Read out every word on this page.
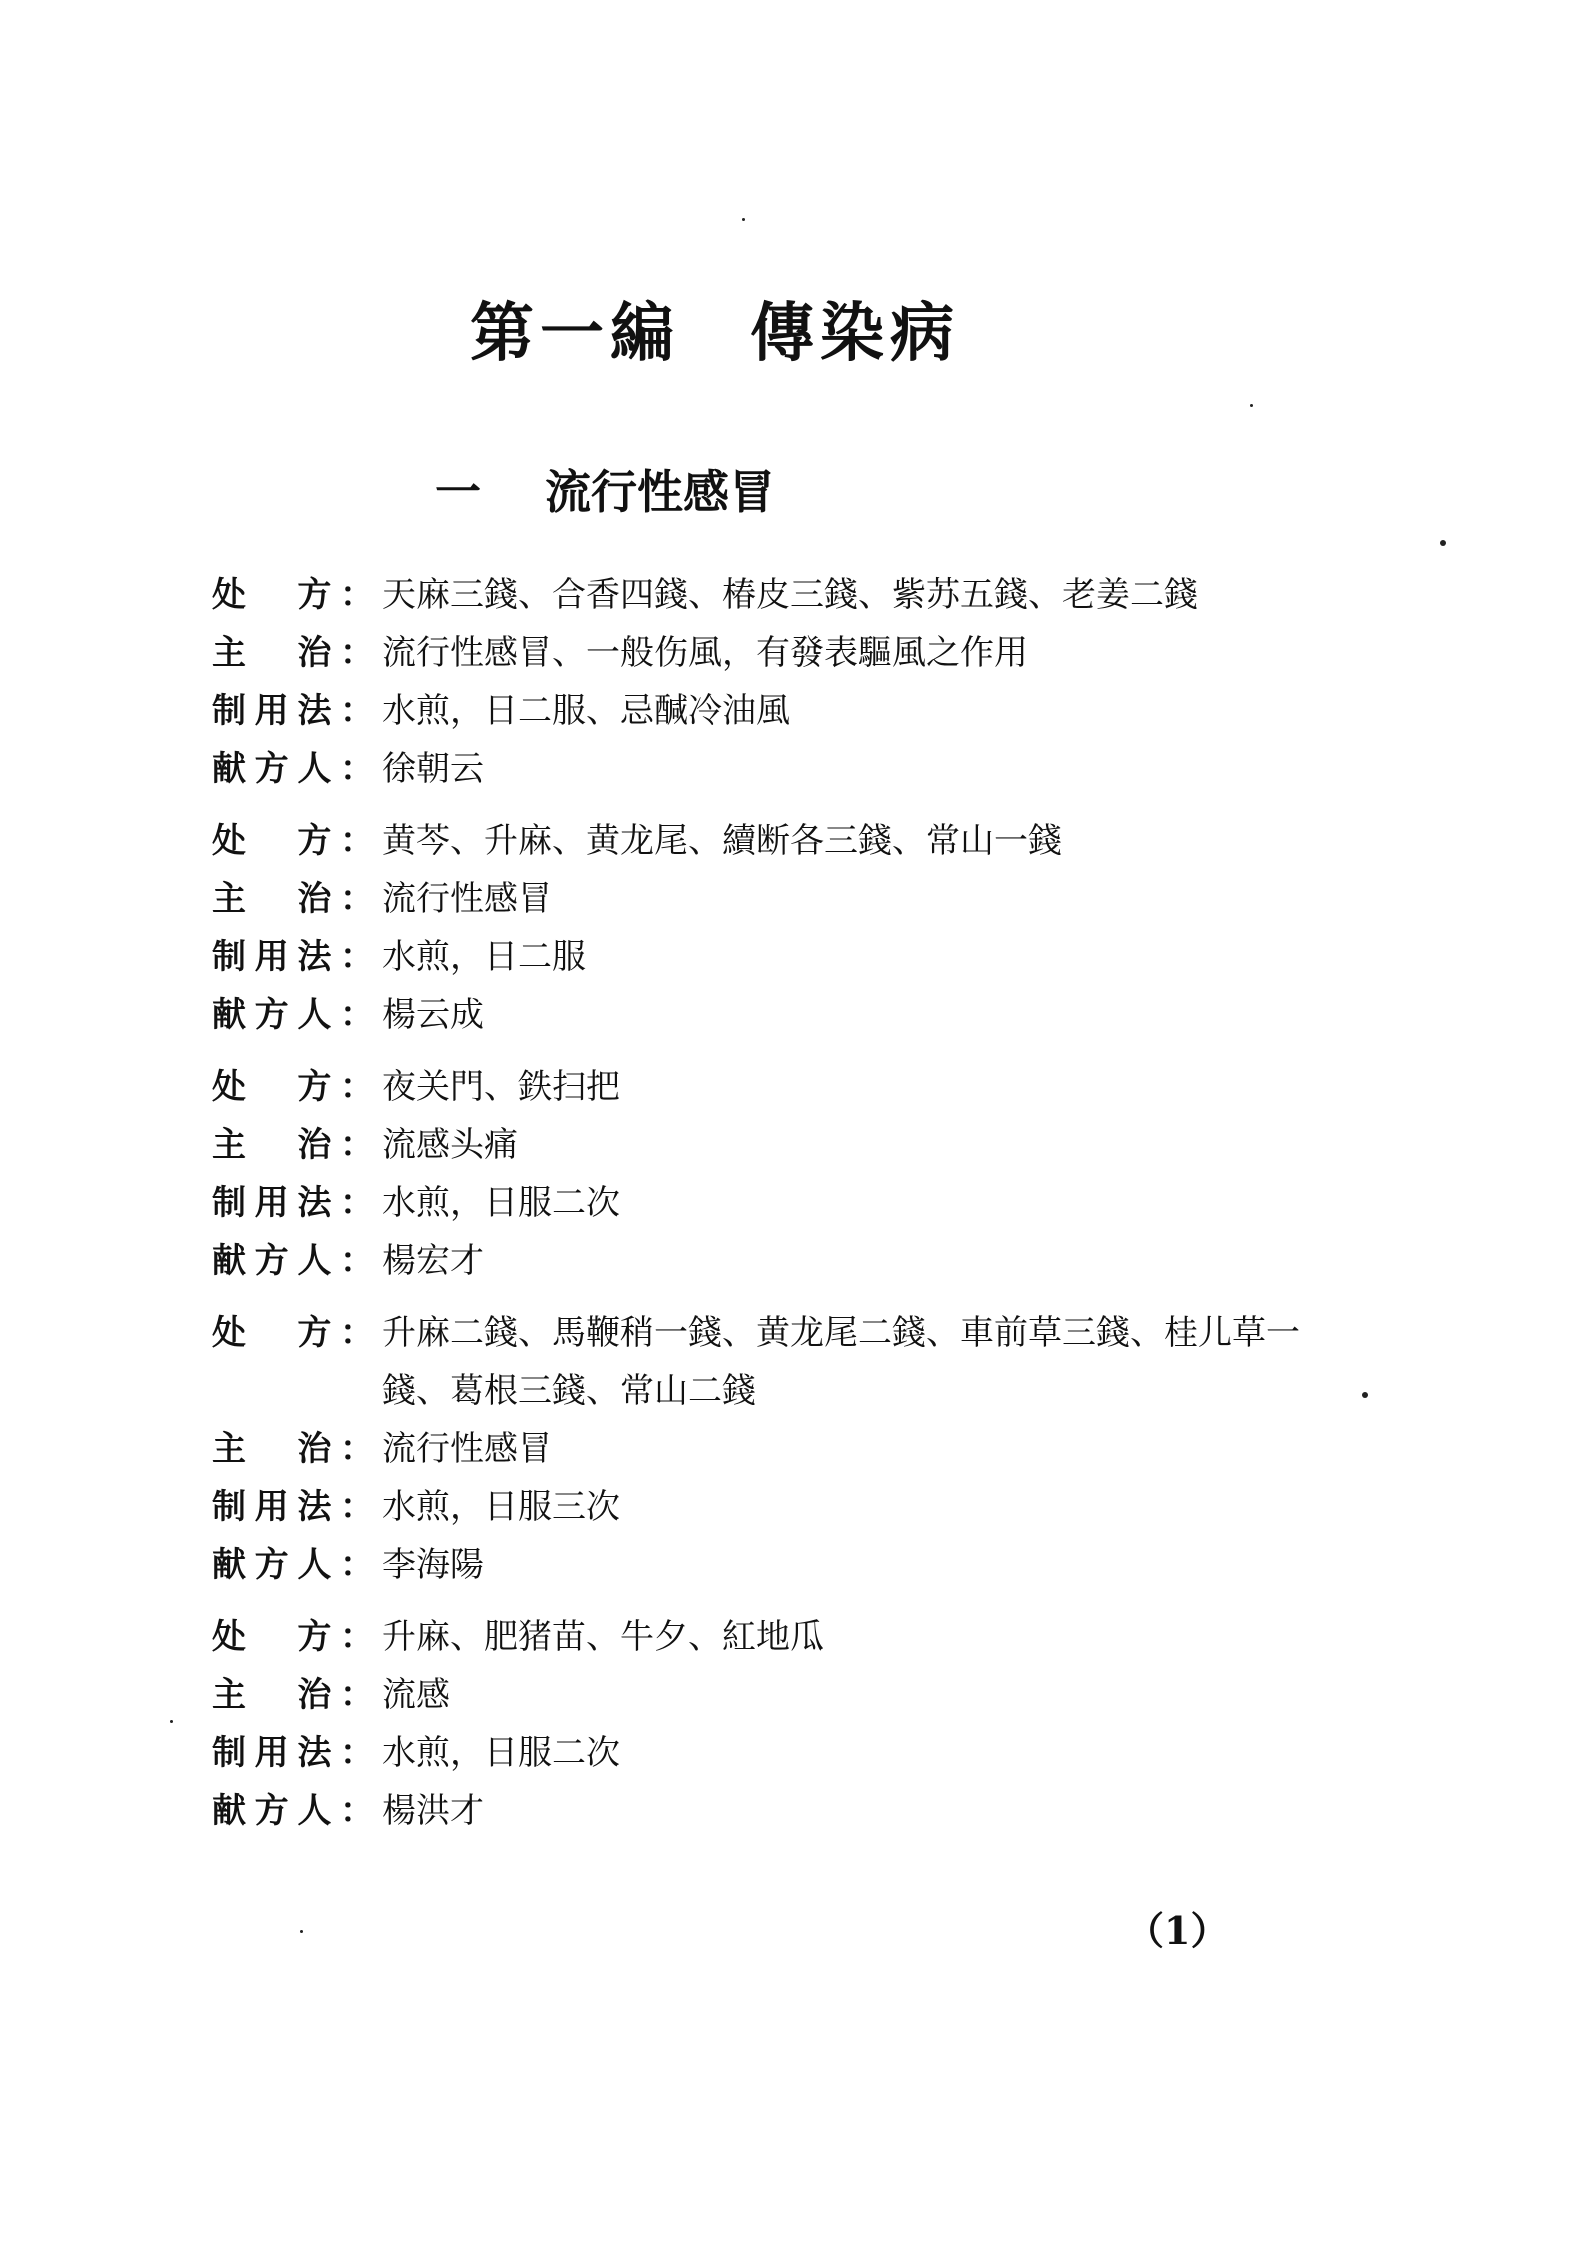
第一編 傳染病
一 流行性感冒
处　方： 天麻三錢、合香四錢、椿皮三錢、紫苏五錢、老姜二錢
主　治： 流行性感冒、一般伤風，有發表驅風之作用
制用法： 水煎，日二服、忌醎冷油風
献方人： 徐朝云
处　方： 黄芩、升麻、黄龙尾、續断各三錢、常山一錢
主　治： 流行性感冒
制用法： 水煎，日二服
献方人： 楊云成
处　方： 夜关門、鉄扫把
主　治： 流感头痛
制用法： 水煎，日服二次
献方人： 楊宏才
处　方： 升麻二錢、馬鞭稍一錢、黄龙尾二錢、車前草三錢、桂儿草一錢、葛根三錢、常山二錢
主　治： 流行性感冒
制用法： 水煎，日服三次
献方人： 李海陽
处　方： 升麻、肥猪苗、牛夕、紅地瓜
主　治： 流感
制用法： 水煎，日服二次
献方人： 楊洪才
（1）
